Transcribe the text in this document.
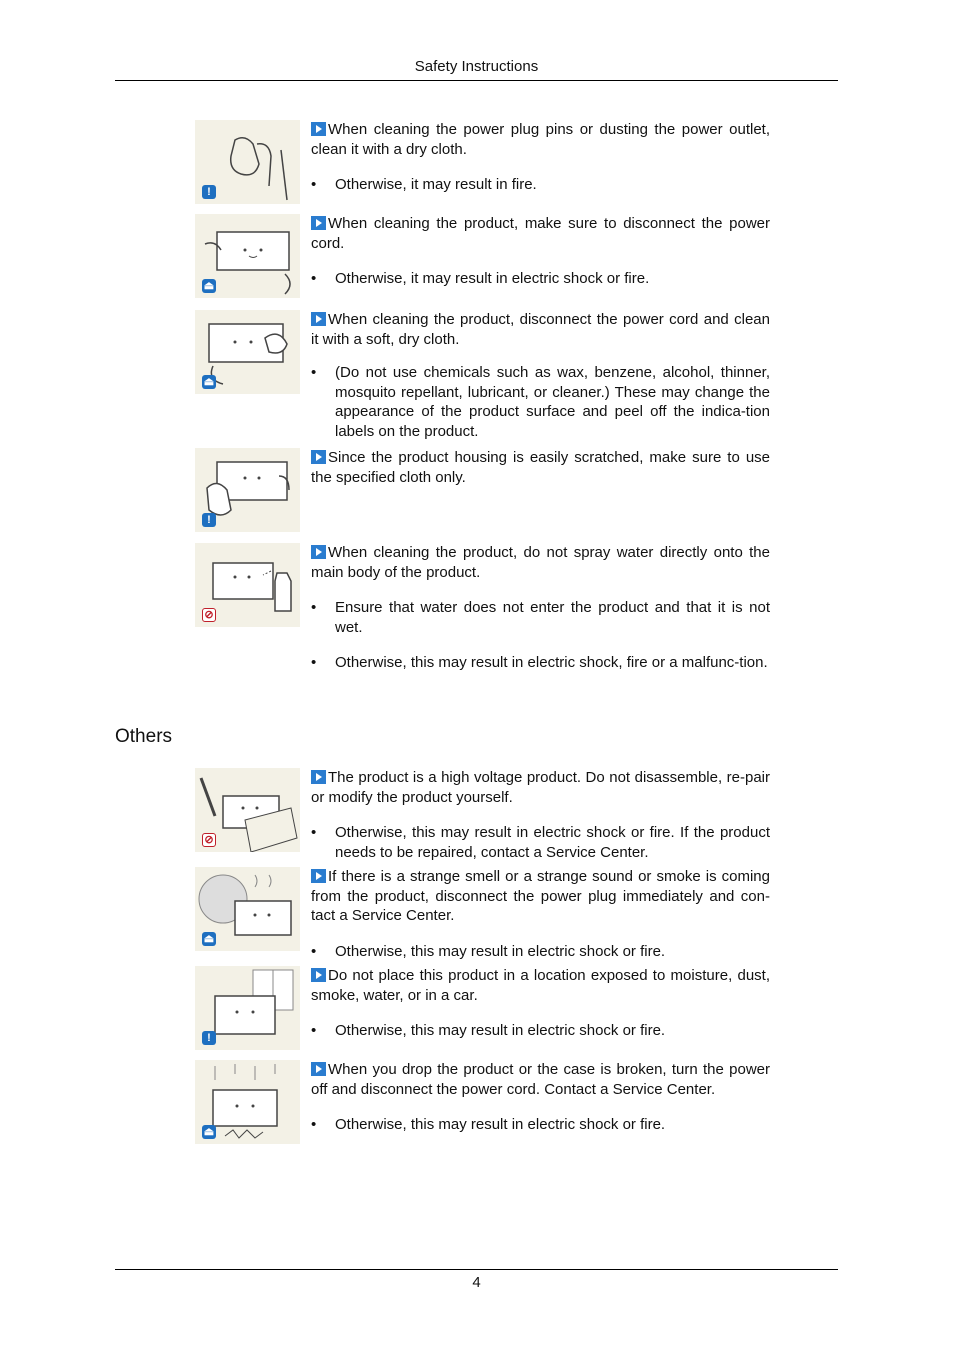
Safety Instructions
!

When cleaning the power plug pins or dusting the power outlet, clean it with a dry cloth.

• Otherwise, it may result in fire.

⏏

When cleaning the product, make sure to disconnect the power cord.

• Otherwise, it may result in electric shock or fire.

⏏

When cleaning the product, disconnect the power cord and clean it with a soft, dry cloth.

• (Do not use chemicals such as wax, benzene, alcohol, thinner, mosquito repellant, lubricant, or cleaner.) These may change the appearance of the product surface and peel off the indica-tion labels on the product.

!

Since the product housing is easily scratched, make sure to use the specified cloth only.

⊘

When cleaning the product, do not spray water directly onto the main body of the product.

• Ensure that water does not enter the product and that it is not wet.

• Otherwise, this may result in electric shock, fire or a malfunc-tion.

Others
⊘

The product is a high voltage product. Do not disassemble, re-pair or modify the product yourself.

• Otherwise, this may result in electric shock or fire. If the product needs to be repaired, contact a Service Center.

⏏

If there is a strange smell or a strange sound or smoke is coming from the product, disconnect the power plug immediately and con-tact a Service Center.

• Otherwise, this may result in electric shock or fire.

!

Do not place this product in a location exposed to moisture, dust, smoke, water, or in a car.

• Otherwise, this may result in electric shock or fire.

⏏

When you drop the product or the case is broken, turn the power off and disconnect the power cord. Contact a Service Center.

• Otherwise, this may result in electric shock or fire.

4
